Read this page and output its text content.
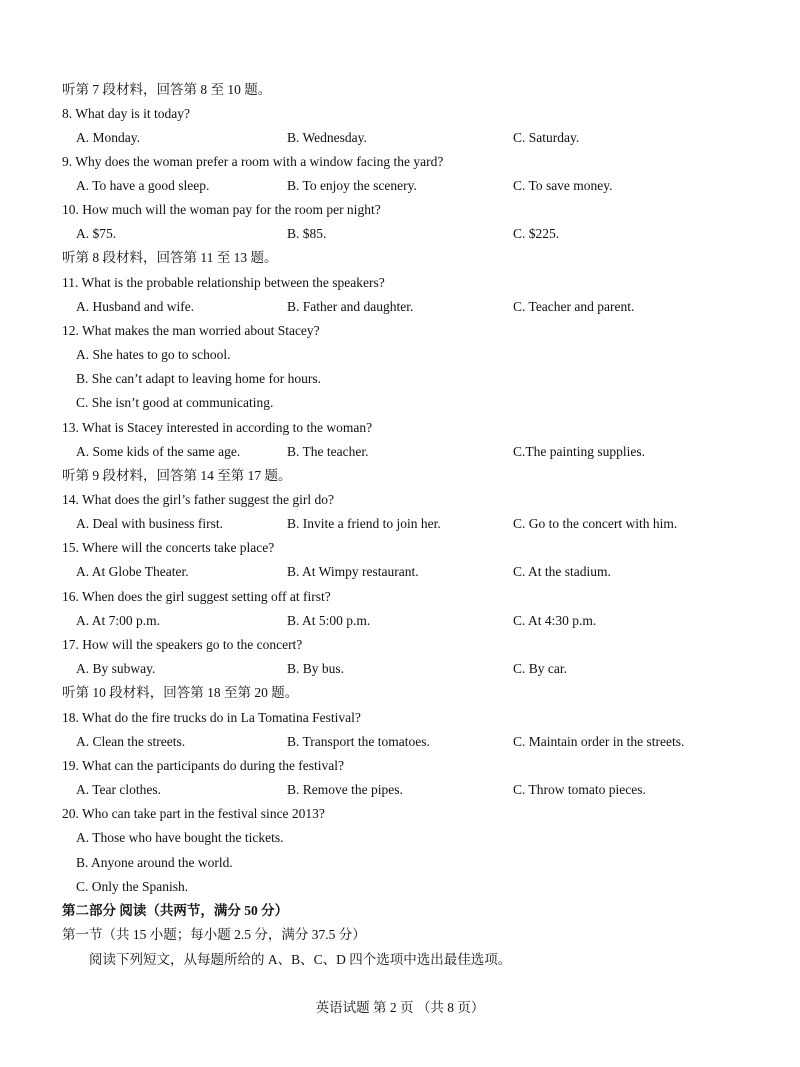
听第 7 段材料，回答第 8 至 10 题。
8. What day is it today?
A. Monday.	B. Wednesday.	C. Saturday.
9. Why does the woman prefer a room with a window facing the yard?
A. To have a good sleep.	B. To enjoy the scenery.	C. To save money.
10. How much will the woman pay for the room per night?
A. $75.	B. $85.	C. $225.
听第 8 段材料，回答第 11 至 13 题。
11. What is the probable relationship between the speakers?
A. Husband and wife.	B. Father and daughter.	C. Teacher and parent.
12. What makes the man worried about Stacey?
A. She hates to go to school.
B. She can’t adapt to leaving home for hours.
C. She isn’t good at communicating.
13. What is Stacey interested in according to the woman?
A. Some kids of the same age.	B. The teacher.	C.The painting supplies.
听第 9 段材料，回答第 14 至第 17 题。
14. What does the girl’s father suggest the girl do?
A. Deal with business first.	B. Invite a friend to join her.	C. Go to the concert with him.
15. Where will the concerts take place?
A. At Globe Theater.	B. At Wimpy restaurant.	C. At the stadium.
16. When does the girl suggest setting off at first?
A. At 7:00 p.m.	B. At 5:00 p.m.	C. At 4:30 p.m.
17. How will the speakers go to the concert?
A. By subway.	B. By bus.	C. By car.
听第 10 段材料，回答第 18 至第 20 题。
18. What do the fire trucks do in La Tomatina Festival?
A. Clean the streets.	B. Transport the tomatoes.	C. Maintain order in the streets.
19. What can the participants do during the festival?
A. Tear clothes.	B. Remove the pipes.	C. Throw tomato pieces.
20. Who can take part in the festival since 2013?
A. Those who have bought the tickets.
B. Anyone around the world.
C. Only the Spanish.
第二部分 阅读（共两节，满分 50 分）
第一节（共 15 小题；每小题 2.5 分，满分 37.5 分）
阅读下列短文，从每题所给的 A、B、C、D 四个选项中选出最佳选项。
英语试题 第 2 页 （共 8 页）
